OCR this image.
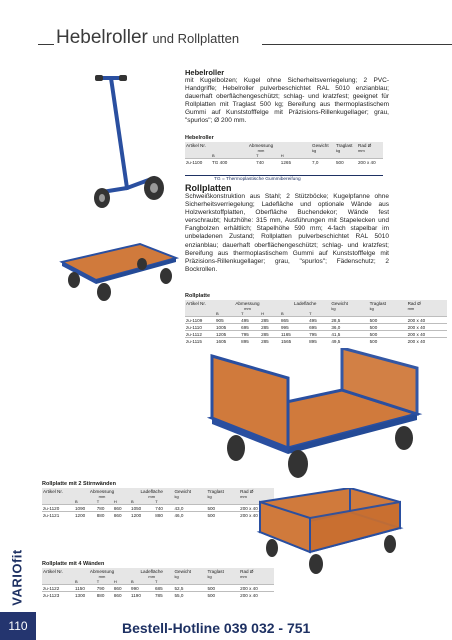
Hebelroller und Rollplatten
VARIOfit
110
Hebelroller
mit Kugelbolzen; Kugel ohne Sicherheitsverriegelung; 2 PVC-Handgriffe; Hebelroller pulverbeschichtet RAL 5010 enzianblau; dauerhaft oberflächengeschützt; schlag- und kratzfest; geeignet für Rollplatten mit Traglast 500 kg; Bereifung aus thermoplastischem Gummi auf Kunststofffelge mit Präzisions-Rillenkugellager; grau, "spurlos"; Ø 200 mm.
Hebelroller
Artikel Nr.	Abmessung			Gewicht	Traglast	Rad Ø
	mm			kg	kg	mm
	B	T	H			
zu-1100	TG 400	740	1265	7,0	500	200 x 40
TG = Thermoplastische Gummibereifung
Rollplatten
Schweißkonstruktion aus Stahl; 2 Stützböcke; Kugelpfanne ohne Sicherheitsverriegelung; Ladefläche und optionale Wände aus Holzwerkstoffplatten, Oberfläche Buchendekor; Wände fest verschraubt; Nutzhöhe: 315 mm, Ausführungen mit Stapelecken und Fangbolzen erhältlich; Stapelhöhe 590 mm; 4-fach stapelbar im unbeladenen Zustand; Rollplatten pulverbeschichtet RAL 5010 enzianblau; dauerhaft oberflächengeschützt; schlag- und kratzfest; Bereifung aus thermoplastischem Gummi auf Kunststofffelge mit Präzisions-Rillenkugellager; grau, "spurlos"; Fädenschutz; 2 Bockrollen.
Rollplatte
Artikel Nr.	Abmessung			Ladefläche		Gewicht	Traglast	Rad Ø
	mm					kg	kg	mm
	B	T	H	B	T			
zu-1109	905	495	285	865	495	28,5	500	200 x 40
zu-1110	1005	695	285	995	695	36,0	500	200 x 40
zu-1112	1205	795	285	1165	795	41,5	500	200 x 40
zu-1115	1605	895	285	1565	895	49,5	500	200 x 40
Rollplatte mit 2 Stirnwänden
Artikel Nr.	Abmessung			Ladefläche		Gewicht	Traglast	Rad Ø
	mm			mm		kg	kg	mm
	B	T	H	B	T			
zu-1120	1090	780	860	1050	740	43,0	500	200 x 40
zu-1121	1200	880	860	1200	880	46,0	500	200 x 40
Rollplatte mit 4 Wänden
Artikel Nr.	Abmessung			Ladefläche		Gewicht	Traglast	Rad Ø
	mm			mm		kg	kg	mm
	B	T	H	B	T			
zu-1122	1150	790	860	990	685	52,5	500	200 x 40
zu-1123	1300	880	860	1190	785	55,0	500	200 x 40
Bestell-Hotline 039 032 - 751
